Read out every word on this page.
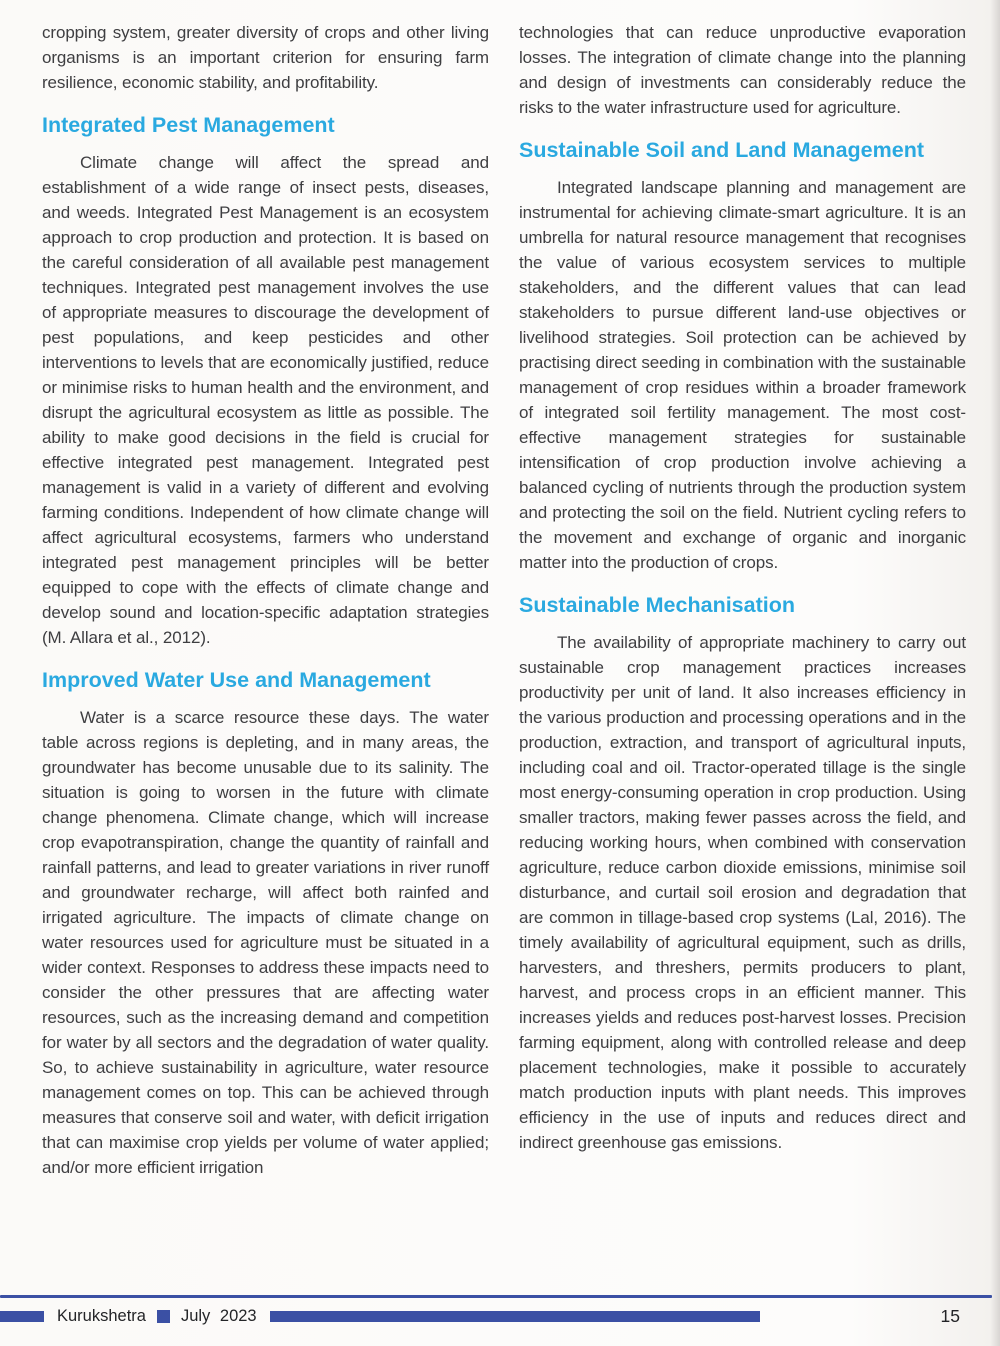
cropping system, greater diversity of crops and other living organisms is an important criterion for ensuring farm resilience, economic stability, and profitability.

Integrated Pest Management

Climate change will affect the spread and establishment of a wide range of insect pests, diseases, and weeds. Integrated Pest Management is an ecosystem approach to crop production and protection. It is based on the careful consideration of all available pest management techniques. Integrated pest management involves the use of appropriate measures to discourage the development of pest populations, and keep pesticides and other interventions to levels that are economically justified, reduce or minimise risks to human health and the environment, and disrupt the agricultural ecosystem as little as possible. The ability to make good decisions in the field is crucial for effective integrated pest management. Integrated pest management is valid in a variety of different and evolving farming conditions. Independent of how climate change will affect agricultural ecosystems, farmers who understand integrated pest management principles will be better equipped to cope with the effects of climate change and develop sound and location-specific adaptation strategies (M. Allara et al., 2012).

Improved Water Use and Management

Water is a scarce resource these days. The water table across regions is depleting, and in many areas, the groundwater has become unusable due to its salinity. The situation is going to worsen in the future with climate change phenomena. Climate change, which will increase crop evapotranspiration, change the quantity of rainfall and rainfall patterns, and lead to greater variations in river runoff and groundwater recharge, will affect both rainfed and irrigated agriculture. The impacts of climate change on water resources used for agriculture must be situated in a wider context. Responses to address these impacts need to consider the other pressures that are affecting water resources, such as the increasing demand and competition for water by all sectors and the degradation of water quality. So, to achieve sustainability in agriculture, water resource management comes on top. This can be achieved through measures that conserve soil and water, with deficit irrigation that can maximise crop yields per volume of water applied; and/or more efficient irrigation

technologies that can reduce unproductive evaporation losses. The integration of climate change into the planning and design of investments can considerably reduce the risks to the water infrastructure used for agriculture.

Sustainable Soil and Land Management

Integrated landscape planning and management are instrumental for achieving climate-smart agriculture. It is an umbrella for natural resource management that recognises the value of various ecosystem services to multiple stakeholders, and the different values that can lead stakeholders to pursue different land-use objectives or livelihood strategies. Soil protection can be achieved by practising direct seeding in combination with the sustainable management of crop residues within a broader framework of integrated soil fertility management. The most cost-effective management strategies for sustainable intensification of crop production involve achieving a balanced cycling of nutrients through the production system and protecting the soil on the field. Nutrient cycling refers to the movement and exchange of organic and inorganic matter into the production of crops.

Sustainable Mechanisation

The availability of appropriate machinery to carry out sustainable crop management practices increases productivity per unit of land. It also increases efficiency in the various production and processing operations and in the production, extraction, and transport of agricultural inputs, including coal and oil. Tractor-operated tillage is the single most energy-consuming operation in crop production. Using smaller tractors, making fewer passes across the field, and reducing working hours, when combined with conservation agriculture, reduce carbon dioxide emissions, minimise soil disturbance, and curtail soil erosion and degradation that are common in tillage-based crop systems (Lal, 2016). The timely availability of agricultural equipment, such as drills, harvesters, and threshers, permits producers to plant, harvest, and process crops in an efficient manner. This increases yields and reduces post-harvest losses. Precision farming equipment, along with controlled release and deep placement technologies, make it possible to accurately match production inputs with plant needs. This improves efficiency in the use of inputs and reduces direct and indirect greenhouse gas emissions.

Kurukshetra July 2023	15
